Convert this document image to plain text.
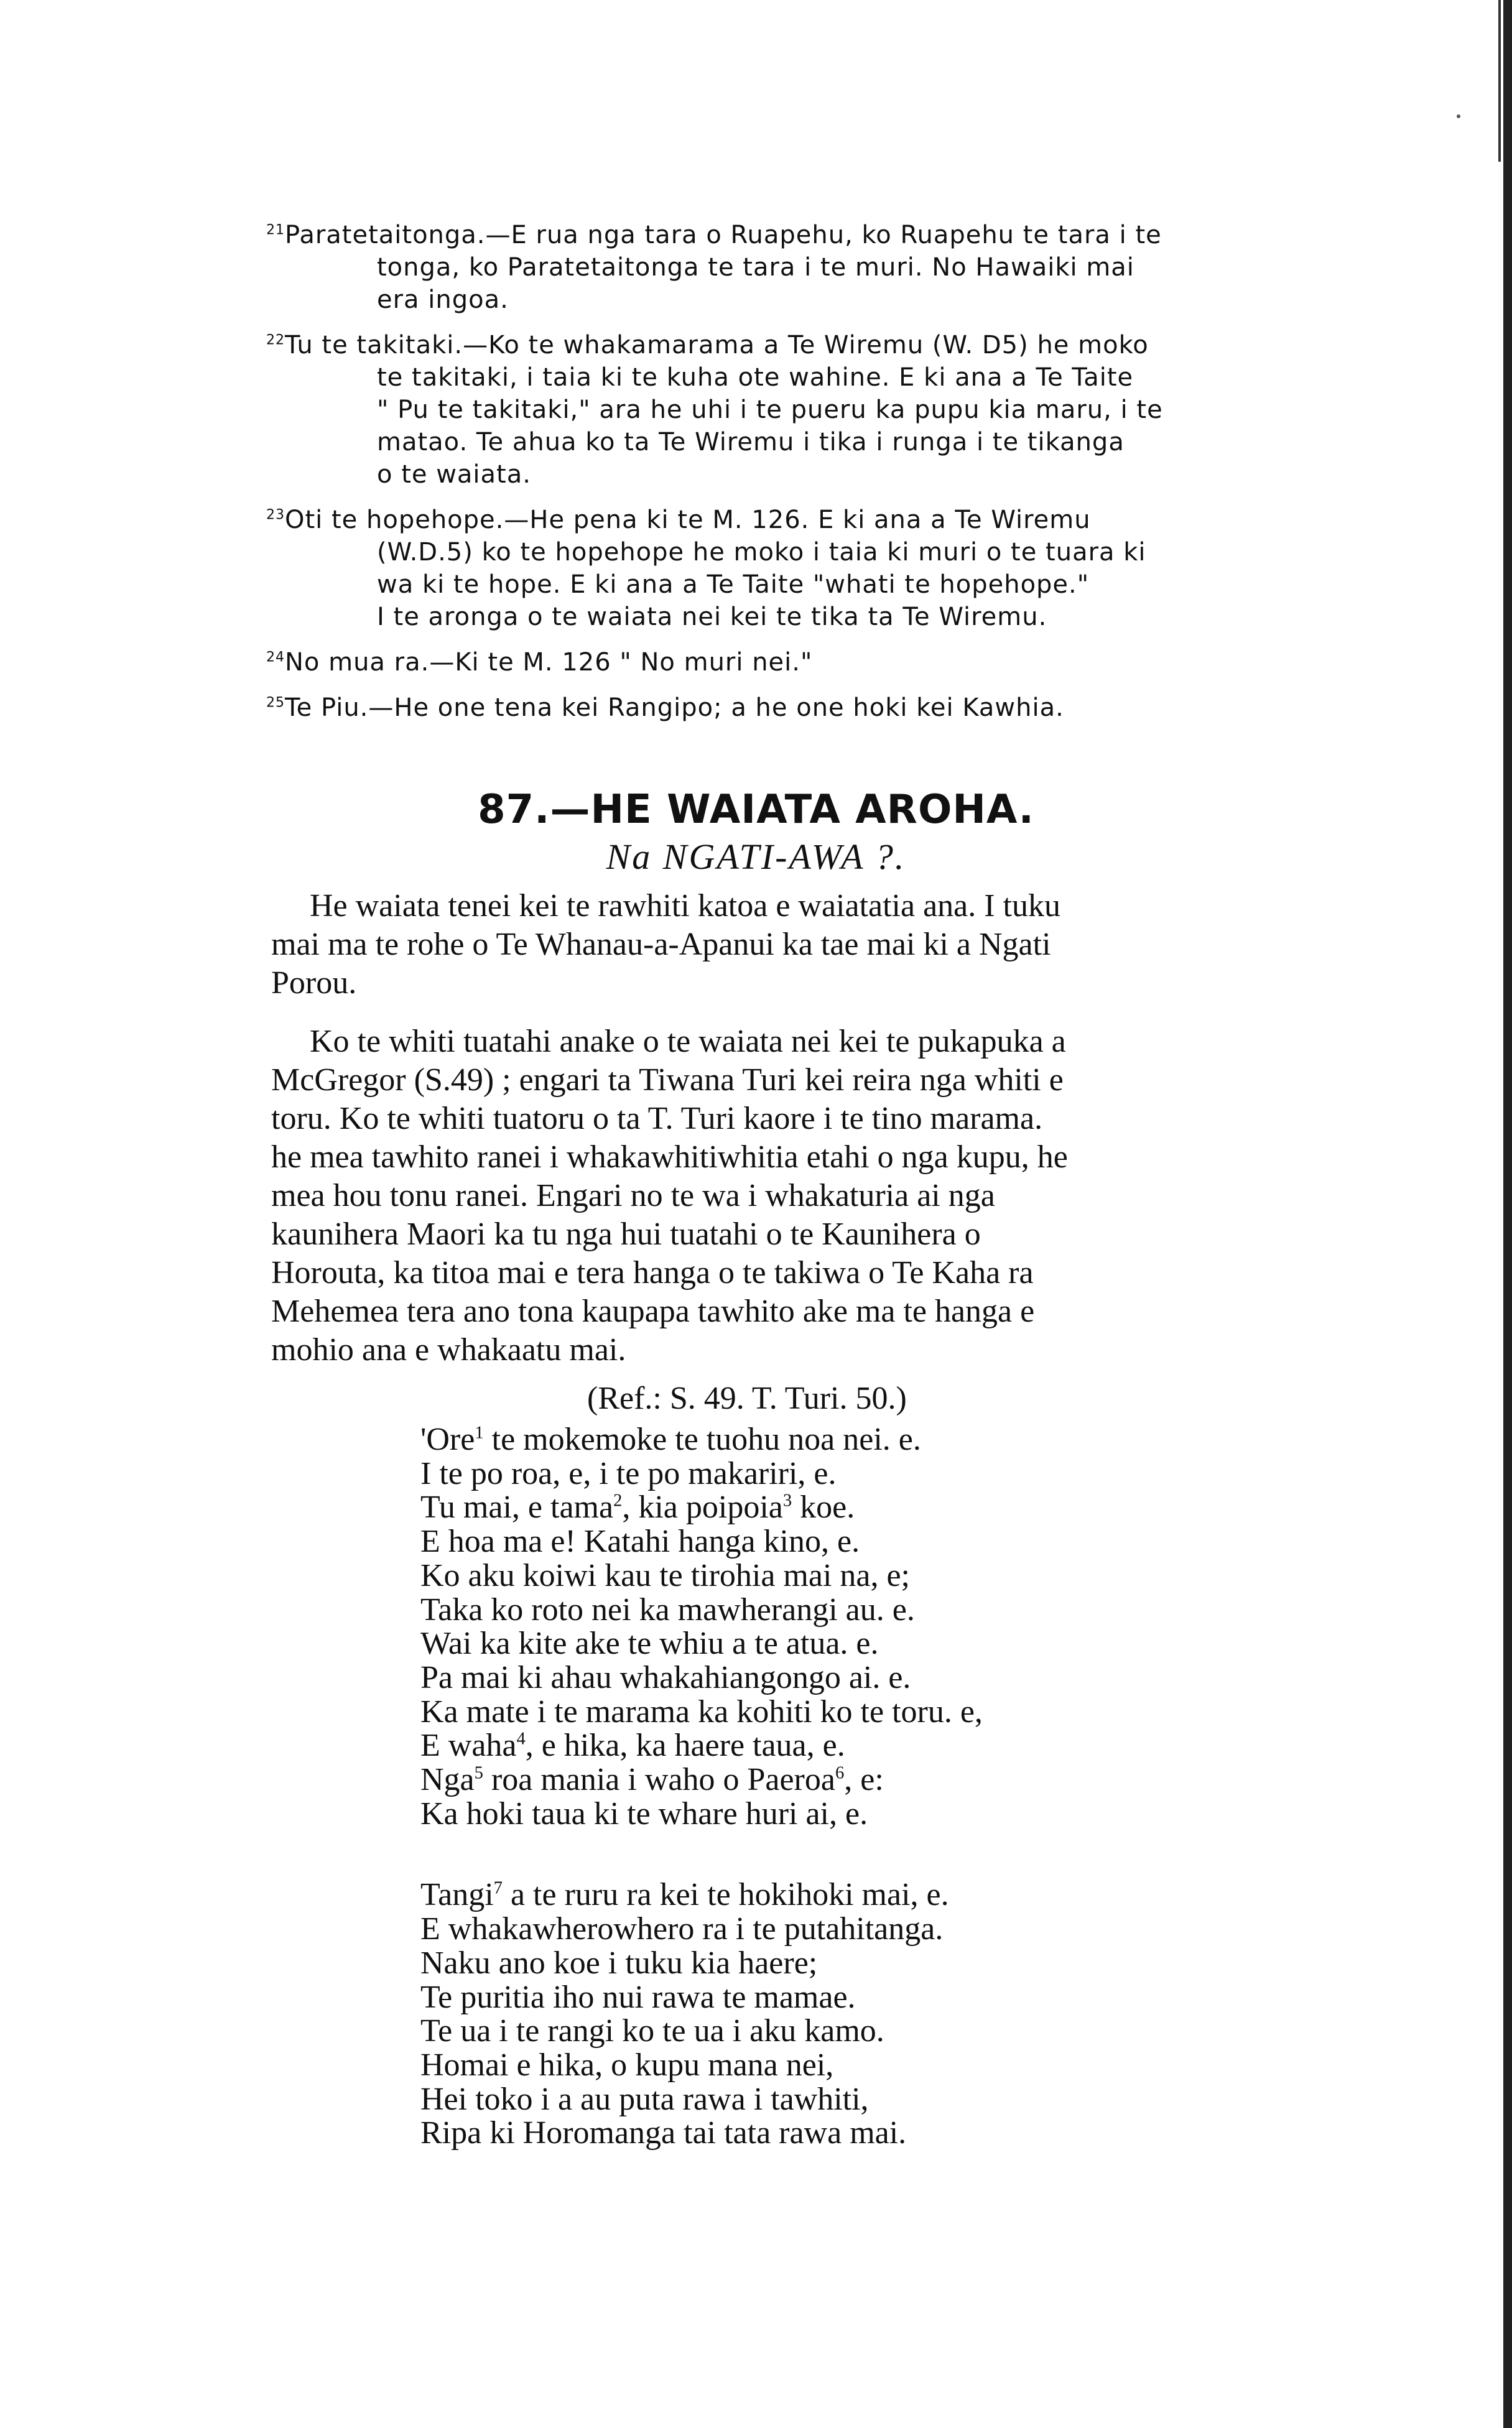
$^{21}$Paratetaitonga.—E rua nga tara o Ruapehu, ko Ruapehu te tara i te
tonga, ko Paratetaitonga te tara i te muri. No Hawaiki mai
era ingoa.
$^{22}$Tu te takitaki.—Ko te whakamarama a Te Wiremu (W. D5) he moko
te takitaki, i taia ki te kuha ote wahine. E ki ana a Te Taite
" Pu te takitaki," ara he uhi i te pueru ka pupu kia maru, i te
matao. Te ahua ko ta Te Wiremu i tika i runga i te tikanga
o te waiata.
$^{23}$Oti te hopehope.—He pena ki te M. 126. E ki ana a Te Wiremu
(W.D.5) ko te hopehope he moko i taia ki muri o te tuara ki
wa ki te hope. E ki ana a Te Taite "whati te hopehope."
I te aronga o te waiata nei kei te tika ta Te Wiremu.
$^{24}$No mua ra.—Ki te M. 126 " No muri nei."
$^{25}$Te Piu.—He one tena kei Rangipo; a he one hoki kei Kawhia.
87.—HE WAIATA AROHA.
Na NGATI-AWA ?.
He waiata tenei kei te rawhiti katoa e waiatatia ana. I tuku
mai ma te rohe o Te Whanau-a-Apanui ka tae mai ki a Ngati
Porou.
Ko te whiti tuatahi anake o te waiata nei kei te pukapuka a
McGregor (S.49) ; engari ta Tiwana Turi kei reira nga whiti e
toru. Ko te whiti tuatoru o ta T. Turi kaore i te tino marama.
he mea tawhito ranei i whakawhitiwhitia etahi o nga kupu, he
mea hou tonu ranei. Engari no te wa i whakaturia ai nga
kaunihera Maori ka tu nga hui tuatahi o te Kaunihera o
Horouta, ka titoa mai e tera hanga o te takiwa o Te Kaha ra
Mehemea tera ano tona kaupapa tawhito ake ma te hanga e
mohio ana e whakaatu mai.
(Ref.: S. 49. T. Turi. 50.)
'Ore$^1$ te mokemoke te tuohu noa nei. e.
I te po roa, e, i te po makariri, e.
Tu mai, e tama$^2$, kia poipoia$^3$ koe.
E hoa ma e! Katahi hanga kino, e.
Ko aku koiwi kau te tirohia mai na, e;
Taka ko roto nei ka mawherangi au. e.
Wai ka kite ake te whiu a te atua. e.
Pa mai ki ahau whakahiangongo ai. e.
Ka mate i te marama ka kohiti ko te toru. e,
E waha$^4$, e hika, ka haere taua, e.
Nga$^5$ roa mania i waho o Paeroa$^6$, e:
Ka hoki taua ki te whare huri ai, e.
Tangi$^7$ a te ruru ra kei te hokihoki mai, e.
E whakawherowhero ra i te putahitanga.
Naku ano koe i tuku kia haere;
Te puritia iho nui rawa te mamae.
Te ua i te rangi ko te ua i aku kamo.
Homai e hika, o kupu mana nei,
Hei toko i a au puta rawa i tawhiti,
Ripa ki Horomanga tai tata rawa mai.
